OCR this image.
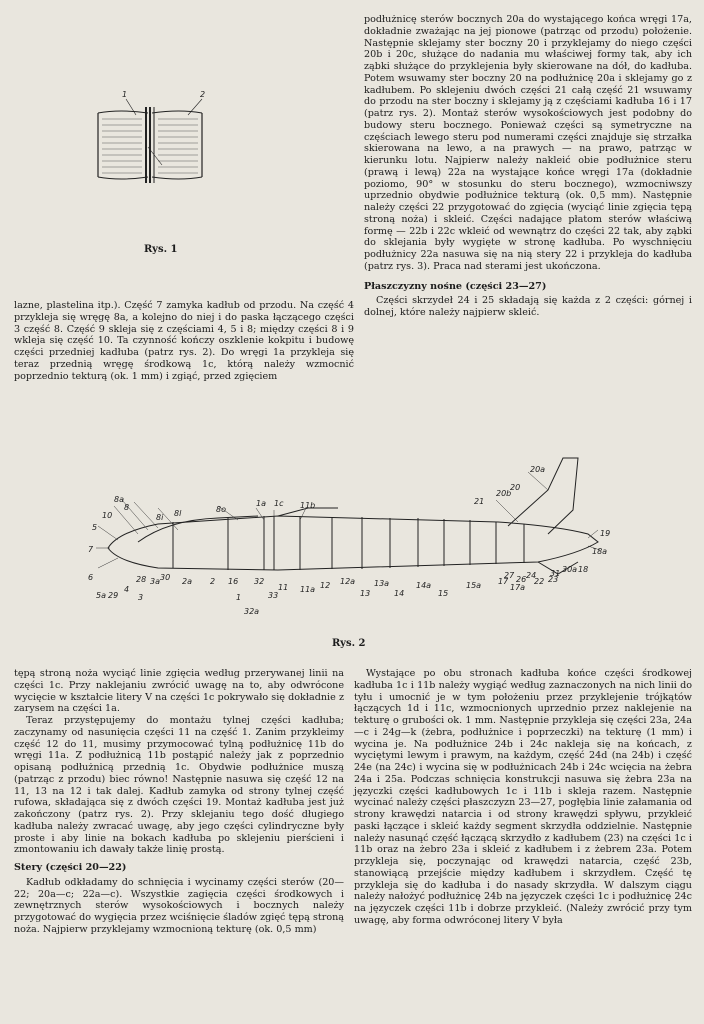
1	2
Rys. 1

lazne, plastelina itp.). Część 7 zamyka kadłub od przodu. Na część 4 przykleja się wręgę 8a, a kolejno do niej i do paska łączącego części 3 część 8. Część 9 skleja się z częściami 4, 5 i 8; między części 8 i 9 wkleja się część 10. Ta czynność kończy oszklenie kokpitu i budowę części przedniej kadłuba (patrz rys. 2). Do wręgi 1a przykleja się teraz przednią wręgę środkową 1c, którą należy wzmocnić poprzednio tekturą (ok. 1 mm) i zgiąć, przed zgięciem

podłużnicę sterów bocznych 20a do wystającego końca wręgi 17a, dokładnie zważając na jej pionowe (patrząc od przodu) położenie. Następnie sklejamy ster boczny 20 i przyklejamy do niego części 20b i 20c, służące do nadania mu właściwej formy tak, aby ich ząbki służące do przyklejenia były skierowane na dół, do kadłuba. Potem wsuwamy ster boczny 20 na podłużnicę 20a i sklejamy go z kadłubem. Po sklejeniu dwóch części 21 całą część 21 wsuwamy do przodu na ster boczny i sklejamy ją z częściami kadłuba 16 i 17 (patrz rys. 2). Montaż sterów wysokościowych jest podobny do budowy steru bocznego. Ponieważ części są symetryczne na częściach lewego steru pod numerami części znajduje się strzałka skierowana na lewo, a na prawych — na prawo, patrząc w kierunku lotu. Najpierw należy nakleić obie podłużnice steru (prawą i lewą) 22a na wystające końce wręgi 17a (dokładnie poziomo, 90° w stosunku do steru bocznego), wzmocniwszy uprzednio obydwie podłużnice tekturą (ok. 0,5 mm). Następnie należy części 22 przygotować do zgięcia (wyciąć linie zgięcia tępą stroną noża) i skleić. Części nadające płatom sterów właściwą formę — 22b i 22c wkleić od wewnątrz do części 22 tak, aby ząbki do sklejania były wygięte w stronę kadłuba. Po wyschnięciu podłużnicy 22a nasuwa się na nią stery 22 i przykleja do kadłuba (patrz rys. 3). Praca nad sterami jest ukończona.

Płaszczyzny nośne (części 23—27)

Części skrzydeł 24 i 25 składają się każda z 2 części: górnej i dolnej, które należy najpierw skleić.

5
6
7
8
8a
10
11 11a
11b
12 12a
13
13a
14
14a
15
15a
16	17
17a
18
18a
19
20
20a
20b
21
22 23
24
26
27
28
29
30
30a
31
32
32a
33
1
1a 1c
2
2a
3
3a
4
5a
8l	8o
8i
Rys. 2

tępą stroną noża wyciąć linie zgięcia według przerywanej linii na części 1c. Przy naklejaniu zwrócić uwagę na to, aby odwrócone wycięcie w kształcie litery V na części 1c pokrywało się dokładnie z zarysem na części 1a.

Teraz przystępujemy do montażu tylnej części kadłuba; zaczynamy od nasunięcia części 11 na część 1. Zanim przykleimy część 12 do 11, musimy przymocować tylną podłużnicę 11b do wręgi 11a. Z podłużnicą 11b postąpić należy jak z poprzednio opisaną podłużnicą przednią 1c. Obydwie podłużnice muszą (patrząc z przodu) biec równo! Następnie nasuwa się część 12 na 11, 13 na 12 i tak dalej. Kadłub zamyka od strony tylnej część rufowa, składająca się z dwóch części 19. Montaż kadłuba jest już zakończony (patrz rys. 2). Przy sklejaniu tego dość długiego kadłuba należy zwracać uwagę, aby jego części cylindryczne były proste i aby linie na bokach kadłuba po sklejeniu pierścieni i zmontowaniu ich dawały także linię prostą.

Stery (części 20—22)

Kadłub odkładamy do schnięcia i wycinamy części sterów (20—22; 20a—c; 22a—c). Wszystkie zagięcia części środkowych i zewnętrznych sterów wysokościowych i bocznych należy przygotować do wygięcia przez wciśnięcie śladów zgięć tępą stroną noża. Najpierw przyklejamy wzmocnioną tekturę (ok. 0,5 mm)

Wystające po obu stronach kadłuba końce części środkowej kadłuba 1c i 11b należy wygiąć według zaznaczonych na nich linii do tyłu i umocnić je w tym położeniu przez przyklejenie trójkątów łączących 1d i 11c, wzmocnionych uprzednio przez naklejenie na tekturę o grubości ok. 1 mm. Następnie przykleja się części 23a, 24a—c i 24g—k (żebra, podłużnice i poprzeczki) na tekturę (1 mm) i wycina je. Na podłużnice 24b i 24c nakleja się na końcach, z wyciętymi lewym i prawym, na każdym, część 24d (na 24b) i część 24e (na 24c) i wycina się w podłużnicach 24b i 24c wcięcia na żebra 24a i 25a. Podczas schnięcia konstrukcji nasuwa się żebra 23a na języczki części kadłubowych 1c i 11b i skleja razem. Następnie wycinać należy części płaszczyzn 23—27, pogłębia linie załamania od strony krawędzi natarcia i od strony krawędzi spływu, przykleić paski łączące i skleić każdy segment skrzydła oddzielnie. Następnie należy nasunąć część łączącą skrzydło z kadłubem (23) na części 1c i 11b oraz na żebro 23a i skleić z kadłubem i z żebrem 23a. Potem przykleja się, poczynając od krawędzi natarcia, część 23b, stanowiącą przejście między kadłubem i skrzydłem. Część tę przykleja się do kadłuba i do nasady skrzydła. W dalszym ciągu należy nałożyć podłużnicę 24b na języczek części 1c i podłużnicę 24c na języczek części 11b i dobrze przykleić. (Należy zwrócić przy tym uwagę, aby forma odwróconej litery V była
